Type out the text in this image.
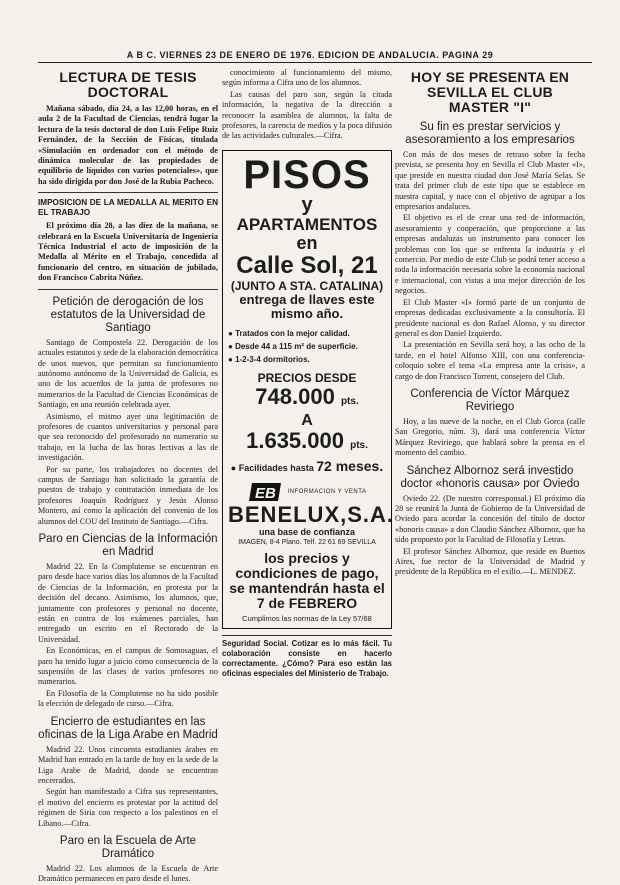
A B C. VIERNES 23 DE ENERO DE 1976. EDICION DE ANDALUCIA. PAGINA 29
LECTURA DE TESIS DOCTORAL

Mañana sábado, día 24, a las 12,00 horas, en el aula 2 de la Facultad de Ciencias, tendrá lugar la lectura de la tesis doctoral de don Luis Felipe Ruiz Fernández, de la Sección de Físicas, titulada «Simulación en ordenador con el método de dinámica molecular de las propiedades de equilibrio de líquidos con varios potenciales», que ha sido dirigida por don José de la Rubia Pacheco.

IMPOSICION DE LA MEDALLA AL MERITO EN EL TRABAJO

El próximo día 28, a las diez de la mañana, se celebrará en la Escuela Universitaria de Ingeniería Técnica Industrial el acto de imposición de la Medalla al Mérito en el Trabajo, concedida al funcionario del centro, en situación de jubilado, don Francisco Cabrita Núñez.

Petición de derogación de los estatutos de la Universidad de Santiago

Santiago de Compostela 22. Derogación de los actuales estatutos y sede de la elaboración democrática de unos nuevos, que permitan su funcionamiento autónomo autónomo de la Universidad de Galicia, es uno de los acuerdos de la junta de profesores no numerarios de la Facultad de Ciencias Económicas de Santiago, en una reunión celebrada ayer.

Asimismo, el mismo ayer una legitimación de profesores de cuantos universitarios y personal para que sea reconocido del profesorado no numerario su trabajo, en la lucha de las horas lectivas a las de investigación.

Por su parte, los trabajadores no docentes del campus de Santiago han solicitado la garantía de puestos de trabajo y contratación inmediata de los profesores Joaquín Rodríguez y Jesús Alonso Montero, así como la aplicación del convenio de los alumnos del COU del Instituto de Santiago.—Cifra.

Paro en Ciencias de la Información en Madrid

Madrid 22. En la Complutense se encuentran en paro desde hace varios días los alumnos de la Facultad de Ciencias de la Información, en protesta por la decisión del decano. Asimismo, los alumnos, que, juntamente con profesores y personal no docente, están en contra de los exámenes parciales, han entregado un escrito en el Rectorado de la Universidad.

En Económicas, en el campus de Somosaguas, el paro ha tenido lugar a juicio como consecuencia de la suspensión de las clases de varios profesores no numerarios.

En Filosofía de la Complutense no ha sido posible la elección de delegado de curso.—Cifra.

Encierro de estudiantes en las oficinas de la Liga Arabe en Madrid

Madrid 22. Unos cincuenta estudiantes árabes en Madrid han entrado en la tarde de hoy en la sede de la Liga Arabe de Madrid, donde se encuentran encerrados.

Según han manifestado a Cifra sus representantes, el motivo del encierro es protestar por la actitud del régimen de Siria con respecto a los palestinos en el Líbano.—Cifra.

Paro en la Escuela de Arte Dramático

Madrid 22. Los alumnos de la Escuela de Arte Dramático permanecen en paro desde el lunes.

conocimiento al funcionamiento del mismo, según informa a Cifra uno de los alumnos.

Las causas del paro son, según la citada información, la negativa de la dirección a reconocer la asamblea de alumnos, la falta de profesores, la carencia de medios y la poca difusión de las actividades culturales.—Cifra.

PISOS
y
APARTAMENTOS
en
Calle Sol, 21
(JUNTO A STA. CATALINA)
entrega de llaves este mismo año.
● Tratados con la mejor calidad.
● Desde 44 a 115 m² de superficie.
● 1-2-3-4 dormitorios.
PRECIOS DESDE
748.000 pts.
A
1.635.000 pts.
● Facilidades hasta 72 meses.
EB INFORMACION Y VENTA
BENELUX,S.A.
una base de confianza
IMAGEN, 8-4 Plano. Telf. 22 61 69 SEVILLA
los precios y condiciones de pago, se mantendrán hasta el 7 de FEBRERO
Cumplimos las normas de la Ley 57/68
Seguridad Social. Cotizar es lo más fácil. Tu colaboración consiste en hacerlo correctamente. ¿Cómo? Para eso están las oficinas especiales del Ministerio de Trabajo.
HOY SE PRESENTA EN SEVILLA EL CLUB MASTER "I"
Su fin es prestar servicios y asesoramiento a los empresarios

Con más de dos meses de retraso sobre la fecha prevista, se presenta hoy en Sevilla el Club Master «I», que preside en nuestra ciudad don José María Selas. Se trata del primer club de este tipo que se establece en nuestra capital, y nace con el objetivo de agrupar a los empresarios andaluces.

El objetivo es el de crear una red de información, asesoramiento y cooperación, que proporcione a las empresas andaluzas un instrumento para conocer los problemas con los que se enfrenta la industria y el comercio. Por medio de este Club se podrá tener acceso a toda la información necesaria sobre la economía nacional e internacional, con vistas a una mejor dirección de los negocios.

El Club Master «I» formó parte de un conjunto de empresas dedicadas exclusivamente a la consultoría. El presidente nacional es don Rafael Alonso, y su director general es don Daniel Izquierdo.

La presentación en Sevilla será hoy, a las ocho de la tarde, en el hotel Alfonso XIII, con una conferencia-coloquio sobre el tema «La empresa ante la crisis», a cargo de don Francisco Torrent, consejero del Club.

Conferencia de Víctor Márquez Reviriego

Hoy, a las nueve de la noche, en el Club Gorca (calle San Gregorio, núm. 3), dará una conferencia Víctor Márquez Reviriego, que hablará sobre la prensa en el momento del cambio.

Sánchez Albornoz será investido doctor «honoris causa» por Oviedo

Oviedo 22. (De nuestro corresponsal.) El próximo día 28 se reunirá la Junta de Gobierno de la Universidad de Oviedo para acordar la concesión del título de doctor «honoris causa» a don Claudio Sánchez Albornoz, que ha sido propuesto por la Facultad de Filosofía y Letras.

El profesor Sánchez Albornoz, que reside en Buenos Aires, fue rector de la Universidad de Madrid y presidente de la República en el exilio.—L. MENDEZ.
